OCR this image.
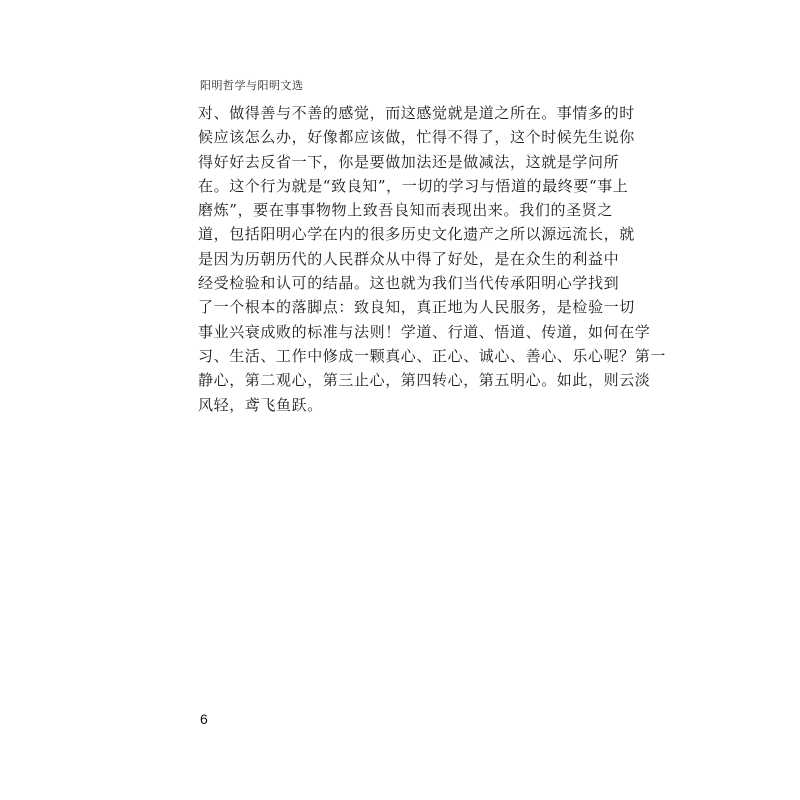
阳明哲学与阳明文选
对、做得善与不善的感觉，而这感觉就是道之所在。事情多的时
候应该怎么办，好像都应该做，忙得不得了，这个时候先生说你
得好好去反省一下，你是要做加法还是做减法，这就是学问所
在。这个行为就是“致良知”，一切的学习与悟道的最终要“事上
磨炼”，要在事事物物上致吾良知而表现出来。我们的圣贤之
道，包括阳明心学在内的很多历史文化遗产之所以源远流长，就
是因为历朝历代的人民群众从中得了好处，是在众生的利益中
经受检验和认可的结晶。这也就为我们当代传承阳明心学找到
了一个根本的落脚点：致良知，真正地为人民服务，是检验一切
事业兴衰成败的标准与法则！学道、行道、悟道、传道，如何在学
习、生活、工作中修成一颗真心、正心、诚心、善心、乐心呢？第一
静心，第二观心，第三止心，第四转心，第五明心。如此，则云淡
风轻，鸢飞鱼跃。
6
